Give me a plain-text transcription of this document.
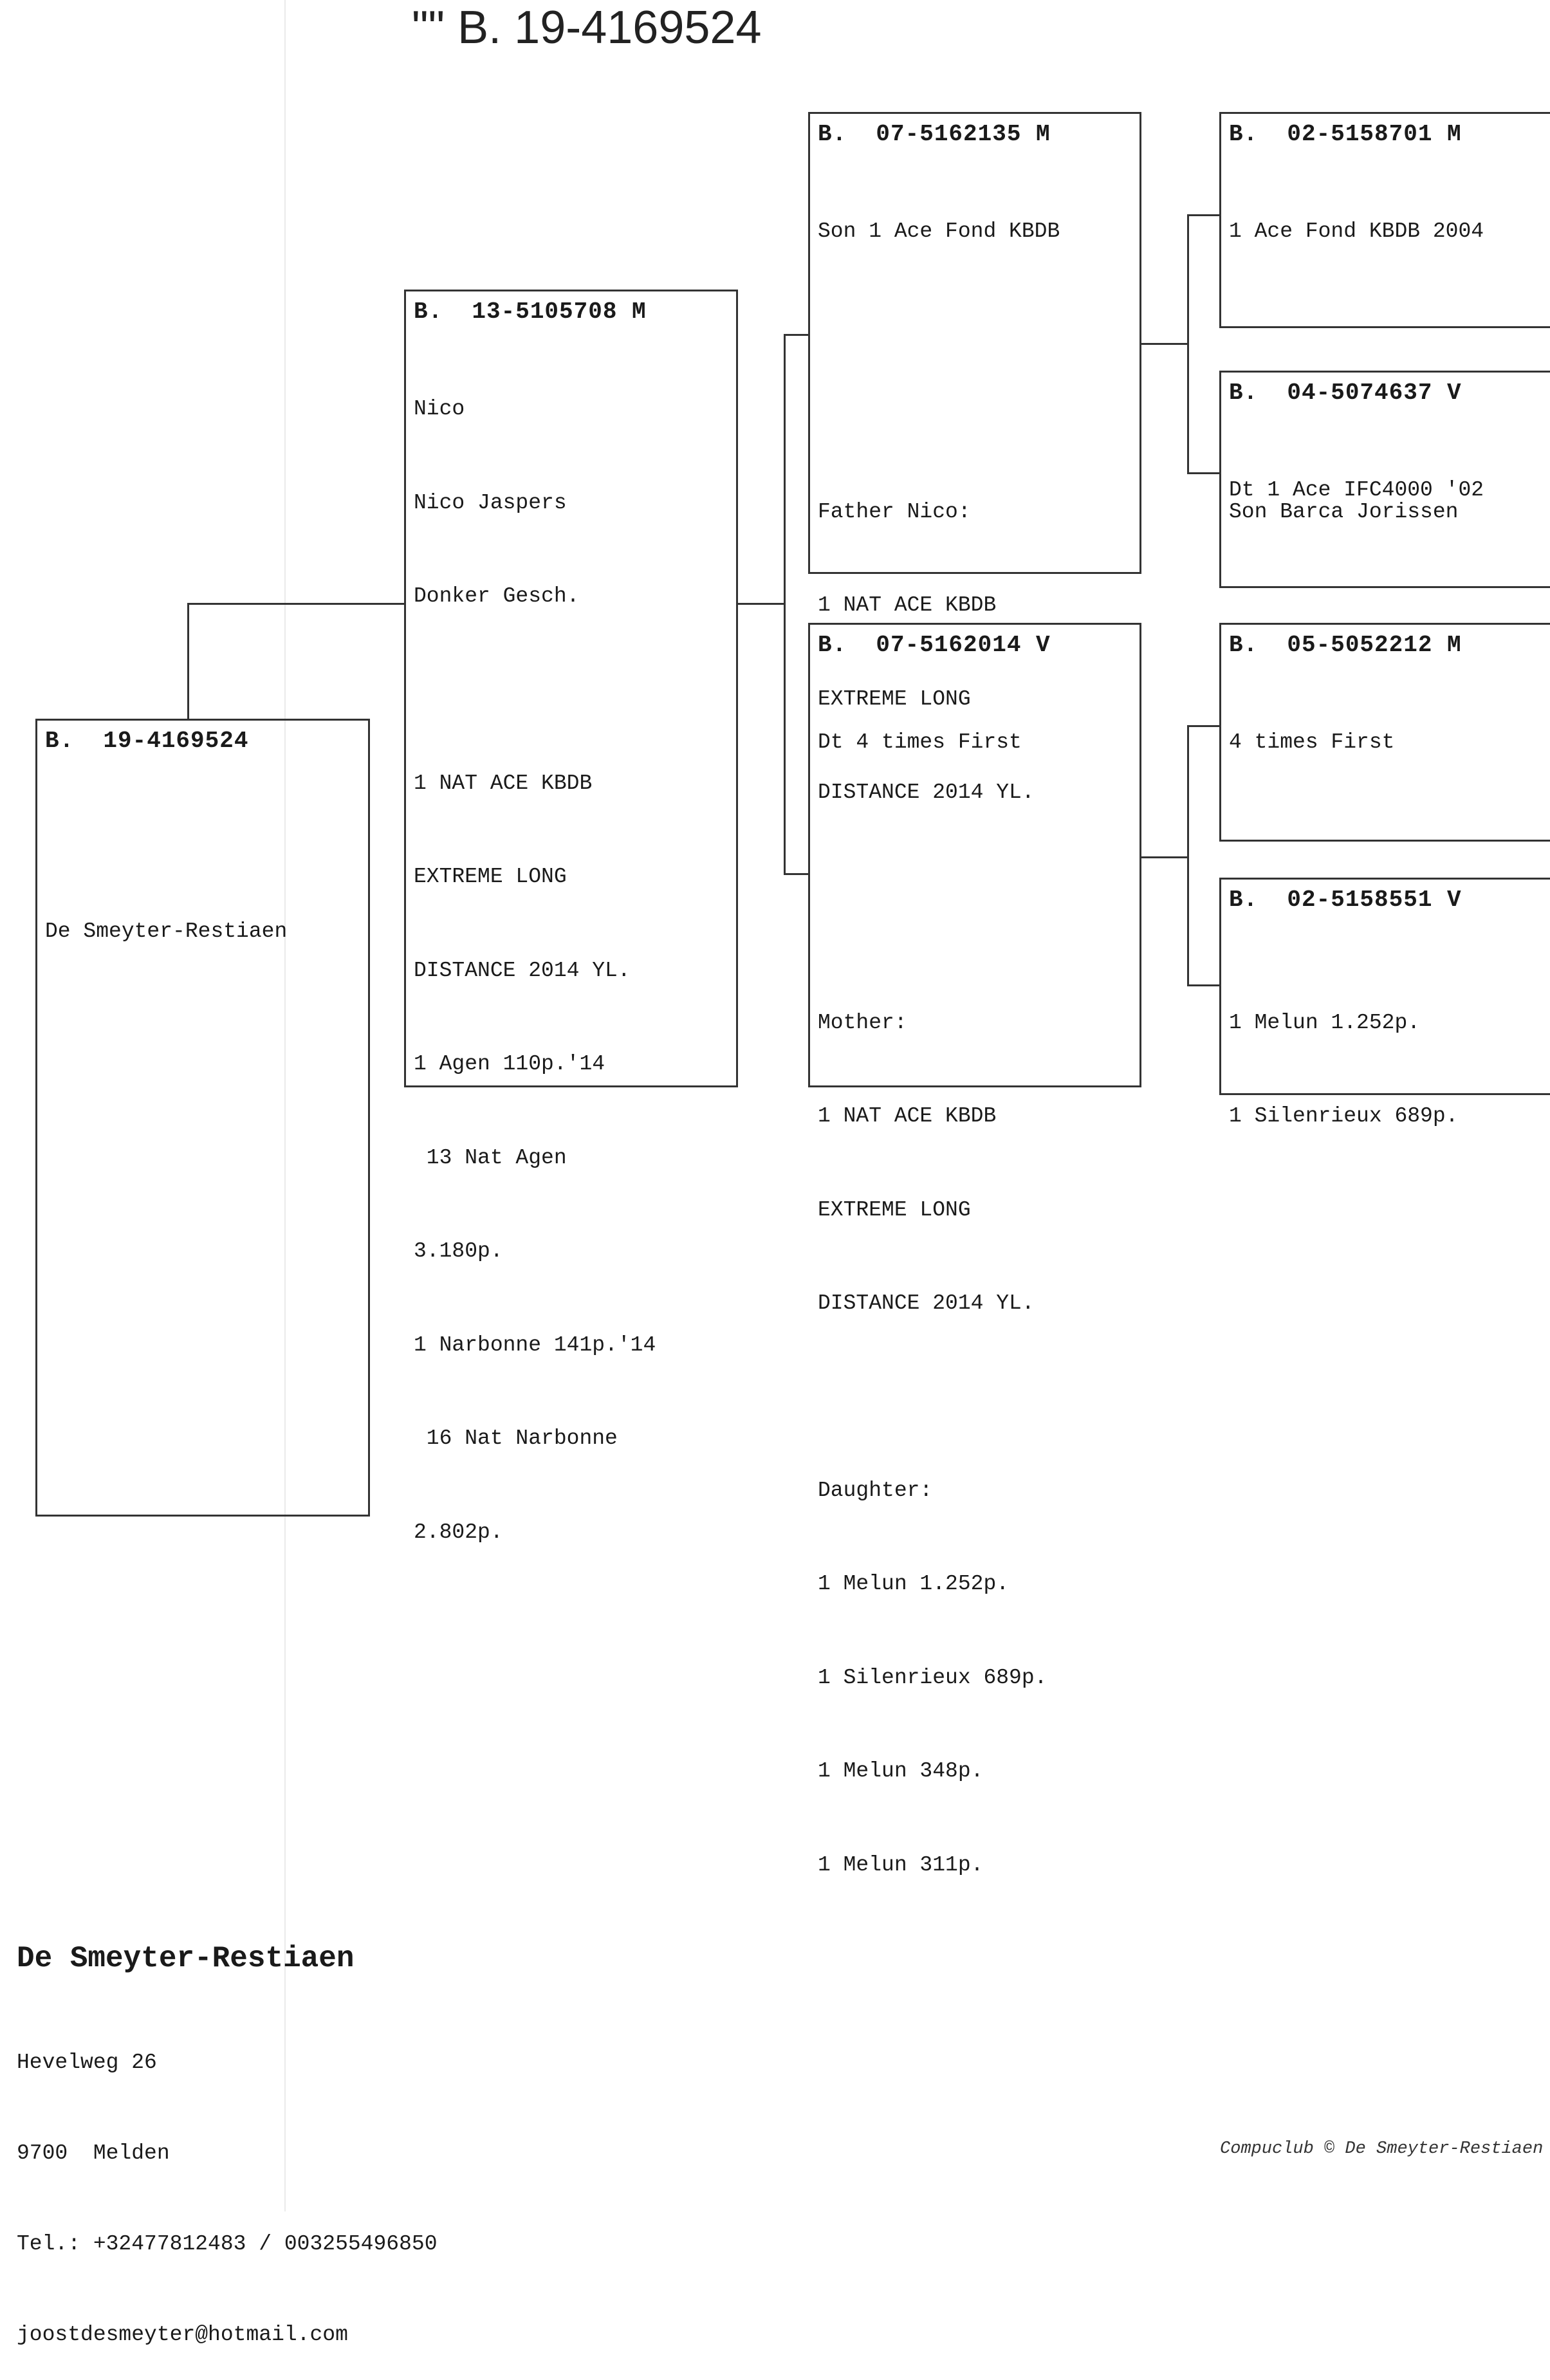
"" B. 19-4169524
B.  19-4169524

De Smeyter-Restiaen

B.  13-5105708 M

Nico

Nico Jaspers

Donker Gesch.

1 NAT ACE KBDB

EXTREME LONG

DISTANCE 2014 YL.

1 Agen 110p.'14

13 Nat Agen

3.180p.

1 Narbonne 141p.'14

16 Nat Narbonne

2.802p.

B.  07-5162135 M

Son 1 Ace Fond KBDB

Father Nico:

1 NAT ACE KBDB

EXTREME LONG

DISTANCE 2014 YL.

B.  07-5162014 V

Dt 4 times First

Mother:

1 NAT ACE KBDB

EXTREME LONG

DISTANCE 2014 YL.

Daughter:

1 Melun 1.252p.

1 Silenrieux 689p.

1 Melun 348p.

1 Melun 311p.

B.  02-5158701 M

1 Ace Fond KBDB 2004

Son Barca Jorissen

B.  04-5074637 V

Dt 1 Ace IFC4000 '02

B.  05-5052212 M

4 times First

1 Melun 1.252p.

1 Silenrieux 689p.

B.  02-5158551 V
De Smeyter-Restiaen

Hevelweg 26

9700  Melden

Tel.: +32477812483 / 003255496850

joostdesmeyter@hotmail.com

Compuclub © De Smeyter-Restiaen
